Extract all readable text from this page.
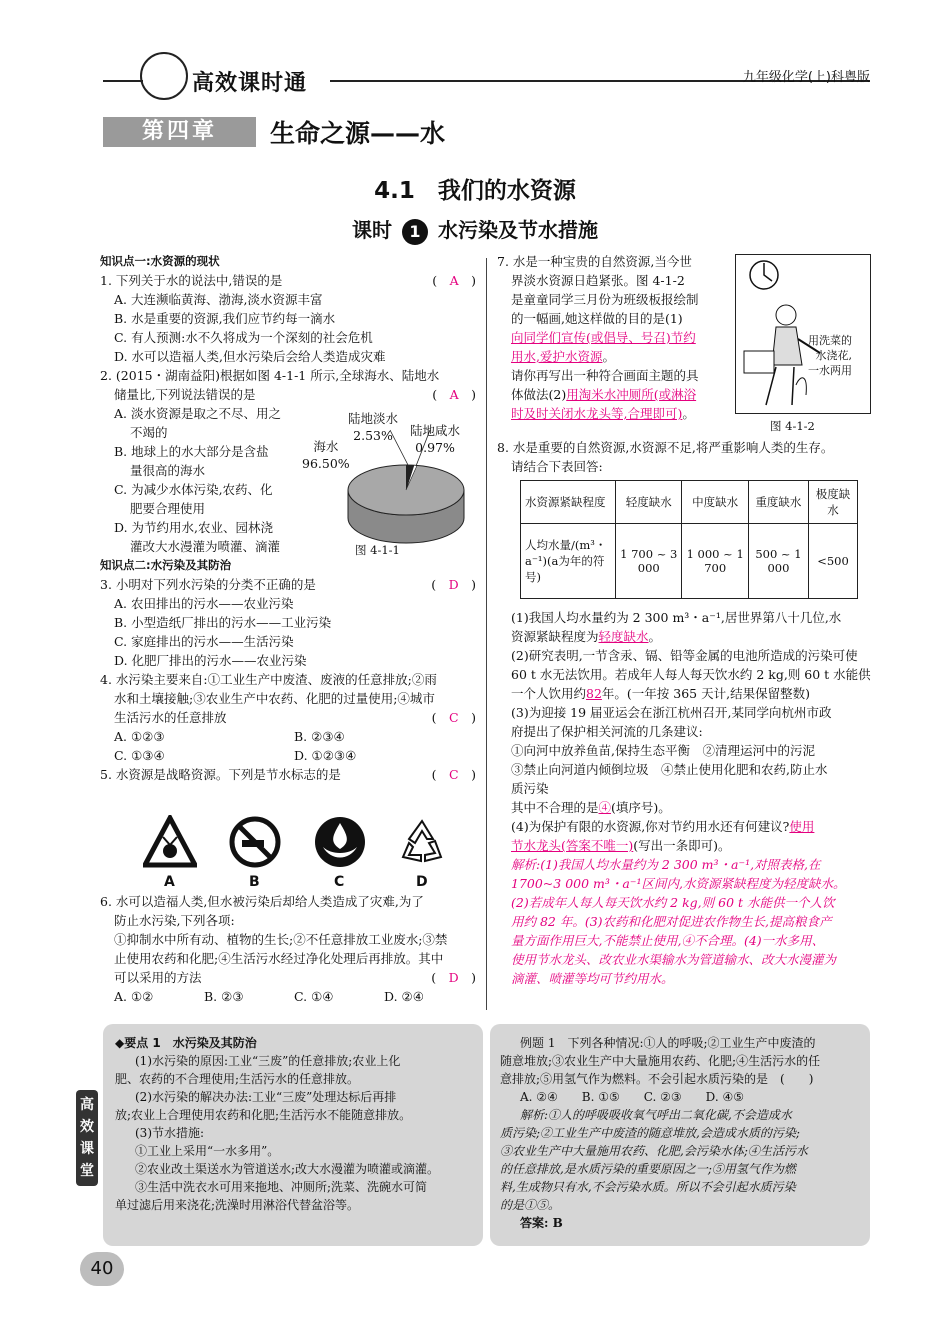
高效课时通	九年级化学(上)科粤版
第四章	生命之源——水
4.1　我们的水资源
课时 1 水污染及节水措施

知识点一:水资源的现状

1. 下列关于水的说法中,错误的是	(　A　)

A. 大连濒临黄海、渤海,淡水资源丰富

B. 水是重要的资源,我们应节约每一滴水

C. 有人预测:水不久将成为一个深刻的社会危机

D. 水可以造福人类,但水污染后会给人类造成灾难

2. (2015・湖南益阳)根据如图 4-1-1 所示,全球海水、陆地水

储量比,下列说法错误的是	(　A　)

A. 淡水资源是取之不尽、用之

不竭的

B. 地球上的水大部分是含盐

量很高的海水

C. 为减少水体污染,农药、化

肥要合理使用

D. 为节约用水,农业、园林浇

灌改大水漫灌为喷灌、滴灌

知识点二:水污染及其防治

3. 小明对下列水污染的分类不正确的是	(　D　)

A. 农田排出的污水——农业污染

B. 小型造纸厂排出的污水——工业污染

C. 家庭排出的污水——生活污染

D. 化肥厂排出的污水——农业污染

4. 水污染主要来自:①工业生产中废渣、废液的任意排放;②雨

水和土壤接触;③农业生产中农药、化肥的过量使用;④城市

生活污水的任意排放	(　C　)

A. ①②③	B. ②③④

C. ①③④	D. ①②③④

5. 水资源是战略资源。下列是节水标志的是	(　C　)

陆地淡水
2.53%	陆地咸水
0.97%
海水
96.50%
图 4-1-1
A	B	C	D

6. 水可以造福人类,但水被污染后却给人类造成了灾难,为了

防止水污染,下列各项:

①抑制水中所有动、植物的生长;②不任意排放工业废水;③禁

止使用农药和化肥;④生活污水经过净化处理后再排放。其中

可以采用的方法	(　D　)

A. ①②	B. ②③	C. ①④	D. ②④

7. 水是一种宝贵的自然资源,当今世

界淡水资源日趋紧张。图 4-1-2

是童童同学三月份为班级板报绘制

的一幅画,她这样做的目的是(1)

向同学们宣传(或倡导、号召)节约

用水,爱护水资源。

请你再写出一种符合画面主题的具

体做法(2)用淘米水冲厕所(或淋浴

时及时关闭水龙头等,合理即可)。

用洗菜的
水浇花,
一水两用
图 4-1-2

8. 水是重要的自然资源,水资源不足,将严重影响人类的生存。

请结合下表回答:

水资源紧缺程度	轻度缺水	中度缺水	重度缺水	极度缺水
人均水量/(m³・a⁻¹)(a为年的符号)	1 700 ~ 3 000	1 000 ~ 1 700	500 ~ 1 000	<500

(1)我国人均水量约为 2 300 m³・a⁻¹,居世界第八十几位,水

资源紧缺程度为轻度缺水。

(2)研究表明,一节含汞、镉、铅等金属的电池所造成的污染可使

60 t 水无法饮用。若成年人每人每天饮水约 2 kg,则 60 t 水能供

一个人饮用约82年。(一年按 365 天计,结果保留整数)

(3)为迎接 19 届亚运会在浙江杭州召开,某同学向杭州市政

府提出了保护相关河流的几条建议:

①向河中放养鱼苗,保持生态平衡　②清理运河中的污泥

③禁止向河道内倾倒垃圾　④禁止使用化肥和农药,防止水

质污染

其中不合理的是④(填序号)。

(4)为保护有限的水资源,你对节约用水还有何建议?使用

节水龙头(答案不唯一)(写出一条即可)。

解析:(1)我国人均水量约为 2 300 m³・a⁻¹,对照表格,在

1700~3 000 m³・a⁻¹区间内,水资源紧缺程度为轻度缺水。

(2)若成年人每人每天饮水约 2 kg,则 60 t 水能供一个人饮

用约 82 年。(3)农药和化肥对促进农作物生长,提高粮食产

量方面作用巨大,不能禁止使用,④不合理。(4)一水多用、

使用节水龙头、改农业水渠输水为管道输水、改大水漫灌为

滴灌、喷灌等均可节约用水。

高效课堂

◆要点 1　水污染及其防治

(1)水污染的原因:工业“三废”的任意排放;农业上化

肥、农药的不合理使用;生活污水的任意排放。

(2)水污染的解决办法:工业“三废”处理达标后再排

放;农业上合理使用农药和化肥;生活污水不能随意排放。

(3)节水措施:

①工业上采用“一水多用”。

②农业改土渠送水为管道送水;改大水漫灌为喷灌或滴灌。

③生活中洗衣水可用来拖地、冲厕所;洗菜、洗碗水可简

单过滤后用来浇花;洗澡时用淋浴代替盆浴等。

例题 1　下列各种情况:①人的呼吸;②工业生产中废渣的

随意堆放;③农业生产中大量施用农药、化肥;④生活污水的任

意排放;⑤用氢气作为燃料。不会引起水质污染的是　(　　)

A. ②④　　B. ①⑤　　C. ②③　　D. ④⑤

解析:①人的呼吸吸收氧气呼出二氧化碳,不会造成水

质污染;②工业生产中废渣的随意堆放,会造成水质的污染;

③农业生产中大量施用农药、化肥,会污染水体;④生活污水

的任意排放,是水质污染的重要原因之一;⑤用氢气作为燃

料,生成物只有水,不会污染水质。所以不会引起水质污染

的是①⑤。

答案: B

40
